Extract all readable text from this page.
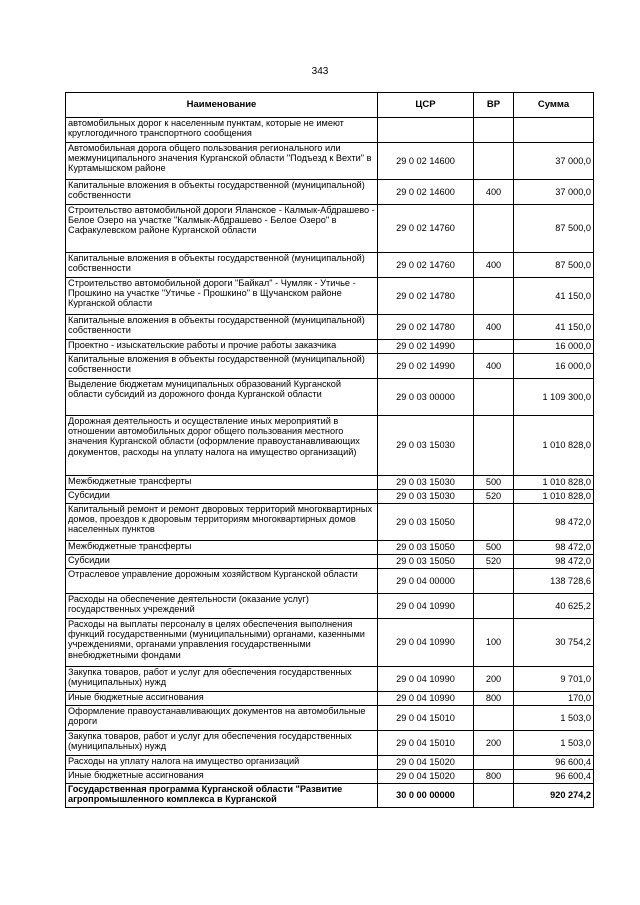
343
Наименование	ЦСР	ВР	Сумма
автомобильных дорог к населенным пунктам, которые не имеют круглогодичного транспортного сообщения			
Автомобильная дорога общего пользования регионального или межмуниципального значения Курганской области "Подъезд к Вехти" в Куртамышском районе	29 0 02 14600		37 000,0
Капитальные вложения в объекты государственной (муниципальной) собственности	29 0 02 14600	400	37 000,0
Строительство автомобильной дороги Яланское - Калмык-Абдрашево - Белое Озеро на участке "Калмык-Абдрашево - Белое Озеро" в Сафакулевском районе Курганской области	29 0 02 14760		87 500,0
Капитальные вложения в объекты государственной (муниципальной) собственности	29 0 02 14760	400	87 500,0
Строительство автомобильной дороги "Байкал" - Чумляк - Утичье - Прошкино на участке "Утичье - Прошкино" в Щучанском районе Курганской области	29 0 02 14780		41 150,0
Капитальные вложения в объекты государственной (муниципальной) собственности	29 0 02 14780	400	41 150,0
Проектно - изыскательские работы и прочие работы заказчика	29 0 02 14990		16 000,0
Капитальные вложения в объекты государственной (муниципальной) собственности	29 0 02 14990	400	16 000,0
Выделение бюджетам муниципальных образований Курганской области субсидий из дорожного фонда Курганской области	29 0 03 00000		1 109 300,0
Дорожная деятельность и осуществление иных мероприятий в отношении автомобильных дорог общего пользования местного значения Курганской области (оформление правоустанавливающих документов, расходы на уплату налога на имущество организаций)	29 0 03 15030		1 010 828,0
Межбюджетные трансферты	29 0 03 15030	500	1 010 828,0
Субсидии	29 0 03 15030	520	1 010 828,0
Капитальный ремонт и ремонт дворовых территорий многоквартирных домов, проездов к дворовым территориям многоквартирных домов населенных пунктов	29 0 03 15050		98 472,0
Межбюджетные трансферты	29 0 03 15050	500	98 472,0
Субсидии	29 0 03 15050	520	98 472,0
Отраслевое управление дорожным хозяйством Курганской области	29 0 04 00000		138 728,6
Расходы на обеспечение деятельности (оказание услуг) государственных учреждений	29 0 04 10990		40 625,2
Расходы на выплаты персоналу в целях обеспечения выполнения функций государственными (муниципальными) органами, казенными учреждениями, органами управления государственными внебюджетными фондами	29 0 04 10990	100	30 754,2
Закупка товаров, работ и услуг для обеспечения государственных (муниципальных) нужд	29 0 04 10990	200	9 701,0
Иные бюджетные ассигнования	29 0 04 10990	800	170,0
Оформление правоустанавливающих документов на автомобильные дороги	29 0 04 15010		1 503,0
Закупка товаров, работ и услуг для обеспечения государственных (муниципальных) нужд	29 0 04 15010	200	1 503,0
Расходы на уплату налога на имущество организаций	29 0 04 15020		96 600,4
Иные бюджетные ассигнования	29 0 04 15020	800	96 600,4
Государственная программа Курганской области "Развитие агропромышленного комплекса в Курганской	30 0 00 00000		920 274,2
